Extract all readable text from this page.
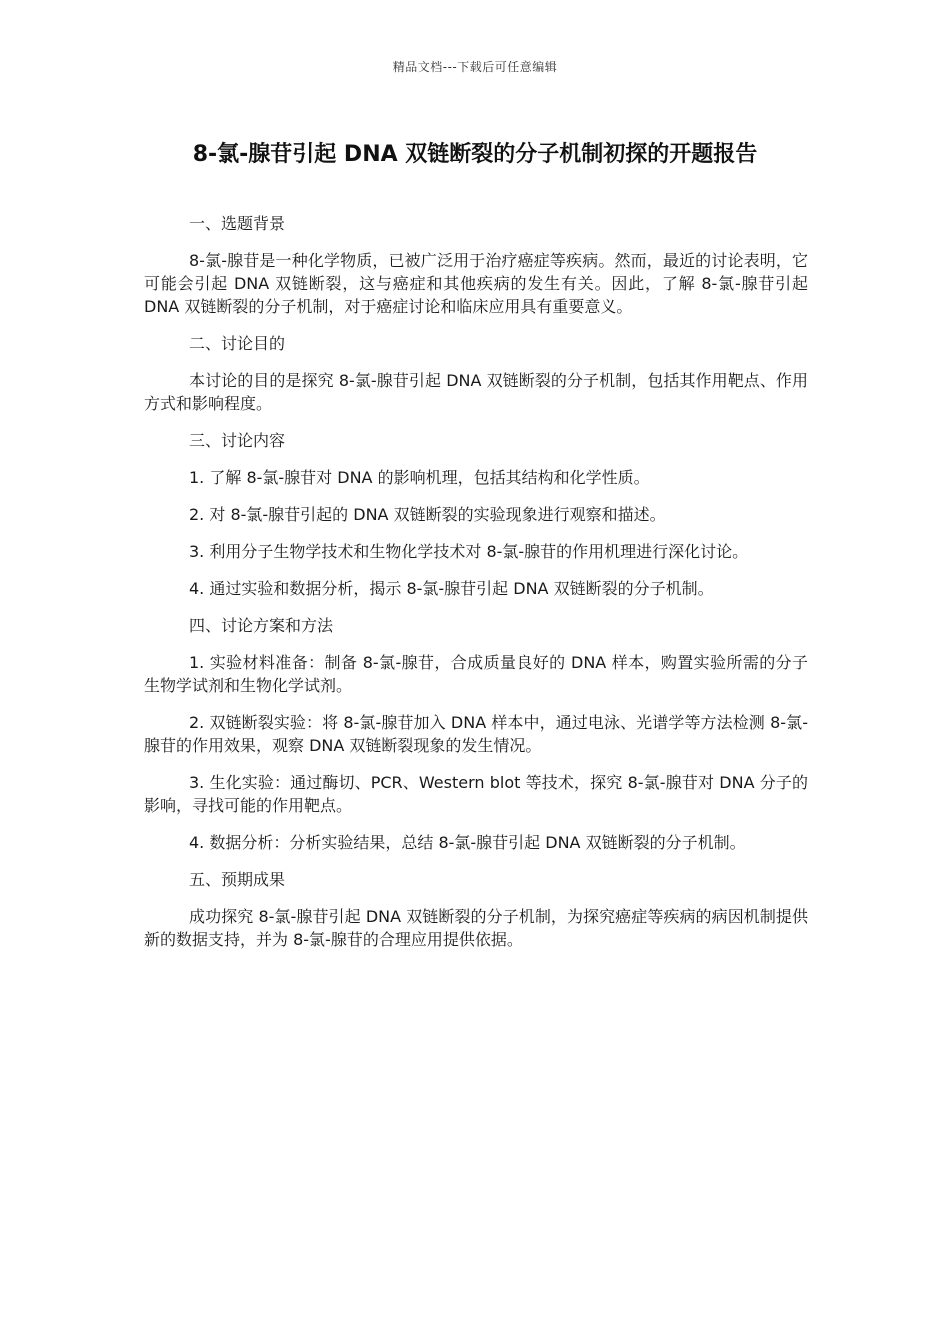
精品文档---下载后可任意编辑
8-氯-腺苷引起 DNA 双链断裂的分子机制初探的开题报告

一、选题背景

8-氯-腺苷是一种化学物质，已被广泛用于治疗癌症等疾病。然而，最近的讨论表明，它可能会引起 DNA 双链断裂，这与癌症和其他疾病的发生有关。因此，了解 8-氯-腺苷引起 DNA 双链断裂的分子机制，对于癌症讨论和临床应用具有重要意义。

二、讨论目的

本讨论的目的是探究 8-氯-腺苷引起 DNA 双链断裂的分子机制，包括其作用靶点、作用方式和影响程度。

三、讨论内容

1. 了解 8-氯-腺苷对 DNA 的影响机理，包括其结构和化学性质。

2. 对 8-氯-腺苷引起的 DNA 双链断裂的实验现象进行观察和描述。

3. 利用分子生物学技术和生物化学技术对 8-氯-腺苷的作用机理进行深化讨论。

4. 通过实验和数据分析，揭示 8-氯-腺苷引起 DNA 双链断裂的分子机制。

四、讨论方案和方法

1. 实验材料准备：制备 8-氯-腺苷，合成质量良好的 DNA 样本，购置实验所需的分子生物学试剂和生物化学试剂。

2. 双链断裂实验：将 8-氯-腺苷加入 DNA 样本中，通过电泳、光谱学等方法检测 8-氯-腺苷的作用效果，观察 DNA 双链断裂现象的发生情况。

3. 生化实验：通过酶切、PCR、Western blot 等技术，探究 8-氯-腺苷对 DNA 分子的影响，寻找可能的作用靶点。

4. 数据分析：分析实验结果，总结 8-氯-腺苷引起 DNA 双链断裂的分子机制。

五、预期成果

成功探究 8-氯-腺苷引起 DNA 双链断裂的分子机制，为探究癌症等疾病的病因机制提供新的数据支持，并为 8-氯-腺苷的合理应用提供依据。
